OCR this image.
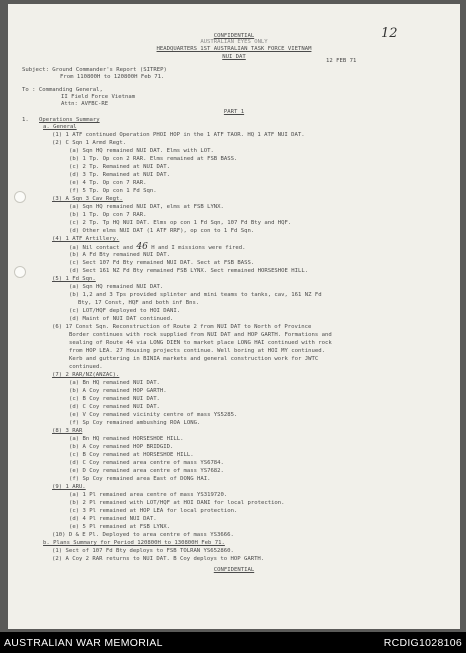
CONFIDENTIAL
AUSTRALIAN EYES ONLY
HEADQUARTERS 1ST AUSTRALIAN TASK FORCE VIETNAM
NUI DAT
12
12 FEB 71
Subject: Ground Commander's Report (SITREP)
From 110800H to 120800H Feb 71.
To : Commanding General,
II Field Force Vietnam
Attn: AVFBC-RE
PART 1
1. Operations Summary
a. General
(1) 1 ATF continued Operation PHOI HOP in the 1 ATF TAOR. HQ 1 ATF NUI DAT.
(2) C Sqn 1 Armd Regt.
(a) Sqn HQ remained NUI DAT. Elms with LOT.
(b) 1 Tp. Op con 2 RAR. Elms remained at FSB BASS.
(c) 2 Tp. Remained at NUI DAT.
(d) 3 Tp. Remained at NUI DAT.
(e) 4 Tp. Op con 7 RAR.
(f) 5 Tp. Op con 1 Fd Sqn.
(3) A Sqn 3 Cav Regt.
(a) Sqn HQ remained NUI DAT, elms at FSB LYNX.
(b) 1 Tp. Op con 7 RAR.
(c) 2 Tp. Tp HQ NUI DAT. Elms op con 1 Fd Sqn, 107 Fd Bty and HQF.
(d) Other elms NUI DAT (1 ATF RRF), op con to 1 Fd Sqn.
(4) 1 ATF Artillery.
(a) Nil contact and 46 H and I missions were fired.
(b) A Fd Bty remained NUI DAT.
(c) Sect 107 Fd Bty remained NUI DAT. Sect at FSB BASS.
(d) Sect 161 NZ Fd Bty remained FSB LYNX. Sect remained HORSESHOE HILL.
(5) 1 Fd Sqn.
(a) Sqn HQ remained NUI DAT.
(b) 1,2 and 3 Tps provided splinter and mini teams to tanks, cav, 161 NZ Fd
Bty, 17 Const, HQF and both inf Bns.
(c) LOT/HQF deployed to HOI DANI.
(d) Maint of NUI DAT continued.
(6) 17 Const Sqn. Reconstruction of Route 2 from NUI DAT to North of Province
Border continues with rock supplied from NUI DAT and HOP GARTH. Formations and
sealing of Route 44 via LONG DIEN to market place LONG HAI continued with rock
from HOP LEA. 27 Housing projects continue. Well boring at HOI MY continued.
Kerb and guttering in BINIA markets and general construction work for JWTC
continued.
(7) 2 RAR/NZ(ANZAC).
(a) Bn HQ remained NUI DAT.
(b) A Coy remained HOP GARTH.
(c) B Coy remained NUI DAT.
(d) C Coy remained NUI DAT.
(e) V Coy remained vicinity centre of mass YS5285.
(f) Sp Coy remained ambushing ROA LONG.
(8) 3 RAR
(a) Bn HQ remained HORSESHOE HILL.
(b) A Coy remained HOP BRIDGID.
(c) B Coy remained at HORSESHOE HILL.
(d) C Coy remained area centre of mass YS6784.
(e) D Coy remained area centre of mass YS7682.
(f) Sp Coy remained area East of DONG HAI.
(9) 1 ARU.
(a) 1 Pl remained area centre of mass YS319720.
(b) 2 Pl remained with LOT/HQF at HOI DANI for local protection.
(c) 3 Pl remained at HOP LEA for local protection.
(d) 4 Pl remained NUI DAT.
(e) 5 Pl remained at FSB LYNX.
(10) D & E Pl. Deployed to area centre of mass YS3666.
b. Plans Summary for Period 120800H to 130800H Feb 71.
(1) Sect of 107 Fd Bty deploys to FSB TOLRAN YS652860.
(2) A Coy 2 RAR returns to NUI DAT. B Coy deploys to HOP GARTH.
CONFIDENTIAL
AUSTRALIAN WAR MEMORIAL	RCDIG1028106
